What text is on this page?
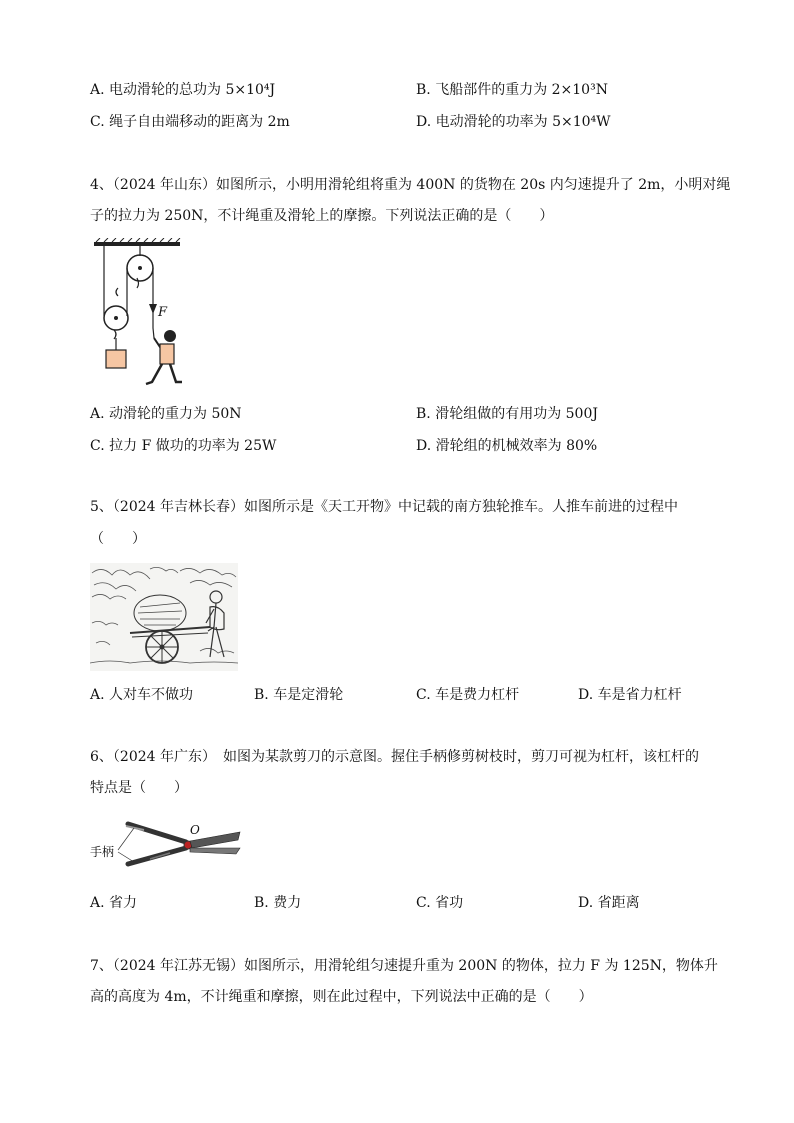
A. 电动滑轮的总功为 5×10⁴J	B. 飞船部件的重力为 2×10³N
C. 绳子自由端移动的距离为 2m	D. 电动滑轮的功率为 5×10⁴W
4、（2024 年山东）如图所示，小明用滑轮组将重为 400N 的货物在 20s 内匀速提升了 2m，小明对绳
子的拉力为 250N，不计绳重及滑轮上的摩擦。下列说法正确的是（　　）
F
A. 动滑轮的重力为 50N	B. 滑轮组做的有用功为 500J
C. 拉力 F 做功的功率为 25W	D. 滑轮组的机械效率为 80%
5、（2024 年吉林长春）如图所示是《天工开物》中记载的南方独轮推车。人推车前进的过程中
（　　）
A. 人对车不做功	B. 车是定滑轮	C. 车是费力杠杆	D. 车是省力杠杆
6、（2024 年广东）　如图为某款剪刀的示意图。握住手柄修剪树枝时，剪刀可视为杠杆，该杠杆的
特点是（　　）
O
手柄
A. 省力	B. 费力	C. 省功	D. 省距离
7、（2024 年江苏无锡）如图所示，用滑轮组匀速提升重为 200N 的物体，拉力 F 为 125N，物体升
高的高度为 4m，不计绳重和摩擦，则在此过程中，下列说法中正确的是（　　）
